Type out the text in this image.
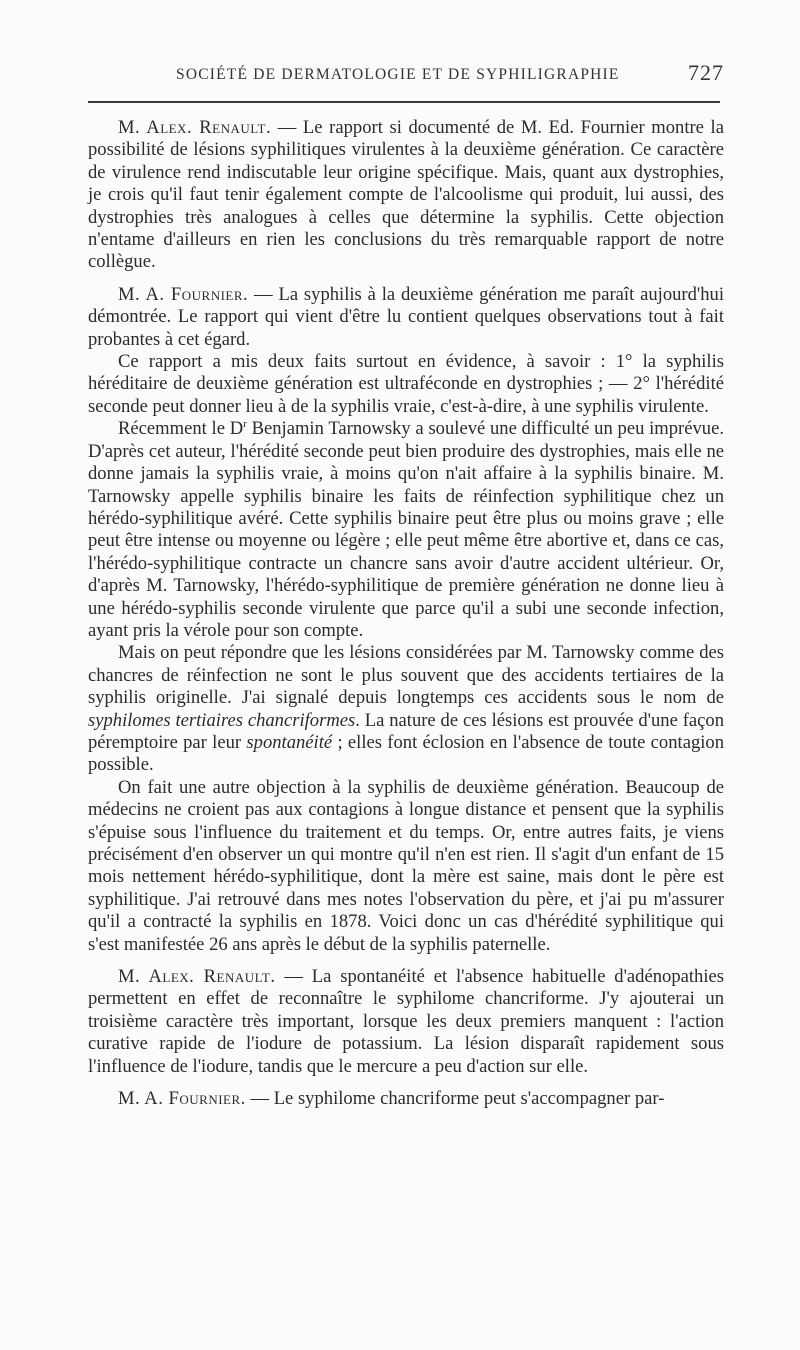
SOCIÉTÉ DE DERMATOLOGIE ET DE SYPHILIGRAPHIE	727

M. Alex. Renault. — Le rapport si documenté de M. Ed. Fournier montre la possibilité de lésions syphilitiques virulentes à la deuxième génération. Ce caractère de virulence rend indiscutable leur origine spécifique. Mais, quant aux dystrophies, je crois qu'il faut tenir également compte de l'alcoolisme qui produit, lui aussi, des dystrophies très analogues à celles que détermine la syphilis. Cette objection n'entame d'ailleurs en rien les conclusions du très remarquable rapport de notre collègue.

M. A. Fournier. — La syphilis à la deuxième génération me paraît aujourd'hui démontrée. Le rapport qui vient d'être lu contient quelques observations tout à fait probantes à cet égard.

Ce rapport a mis deux faits surtout en évidence, à savoir : 1° la syphilis héréditaire de deuxième génération est ultraféconde en dystrophies ; — 2° l'hérédité seconde peut donner lieu à de la syphilis vraie, c'est-à-dire, à une syphilis virulente.

Récemment le $D^r$ Benjamin Tarnowsky a soulevé une difficulté un peu imprévue. D'après cet auteur, l'hérédité seconde peut bien produire des dystrophies, mais elle ne donne jamais la syphilis vraie, à moins qu'on n'ait affaire à la syphilis binaire. M. Tarnowsky appelle syphilis binaire les faits de réinfection syphilitique chez un hérédo-syphilitique avéré. Cette syphilis binaire peut être plus ou moins grave ; elle peut être intense ou moyenne ou légère ; elle peut même être abortive et, dans ce cas, l'hérédo-syphilitique contracte un chancre sans avoir d'autre accident ultérieur. Or, d'après M. Tarnowsky, l'hérédo-syphilitique de première génération ne donne lieu à une hérédo-syphilis seconde virulente que parce qu'il a subi une seconde infection, ayant pris la vérole pour son compte.

Mais on peut répondre que les lésions considérées par M. Tarnowsky comme des chancres de réinfection ne sont le plus souvent que des accidents tertiaires de la syphilis originelle. J'ai signalé depuis longtemps ces accidents sous le nom de syphilomes tertiaires chancriformes. La nature de ces lésions est prouvée d'une façon péremptoire par leur spontanéité ; elles font éclosion en l'absence de toute contagion possible.

On fait une autre objection à la syphilis de deuxième génération. Beaucoup de médecins ne croient pas aux contagions à longue distance et pensent que la syphilis s'épuise sous l'influence du traitement et du temps. Or, entre autres faits, je viens précisément d'en observer un qui montre qu'il n'en est rien. Il s'agit d'un enfant de 15 mois nettement hérédo-syphilitique, dont la mère est saine, mais dont le père est syphilitique. J'ai retrouvé dans mes notes l'observation du père, et j'ai pu m'assurer qu'il a contracté la syphilis en 1878. Voici donc un cas d'hérédité syphilitique qui s'est manifestée 26 ans après le début de la syphilis paternelle.

M. Alex. Renault. — La spontanéité et l'absence habituelle d'adénopathies permettent en effet de reconnaître le syphilome chancriforme. J'y ajouterai un troisième caractère très important, lorsque les deux premiers manquent : l'action curative rapide de l'iodure de potassium. La lésion disparaît rapidement sous l'influence de l'iodure, tandis que le mercure a peu d'action sur elle.

M. A. Fournier. — Le syphilome chancriforme peut s'accompagner par-
